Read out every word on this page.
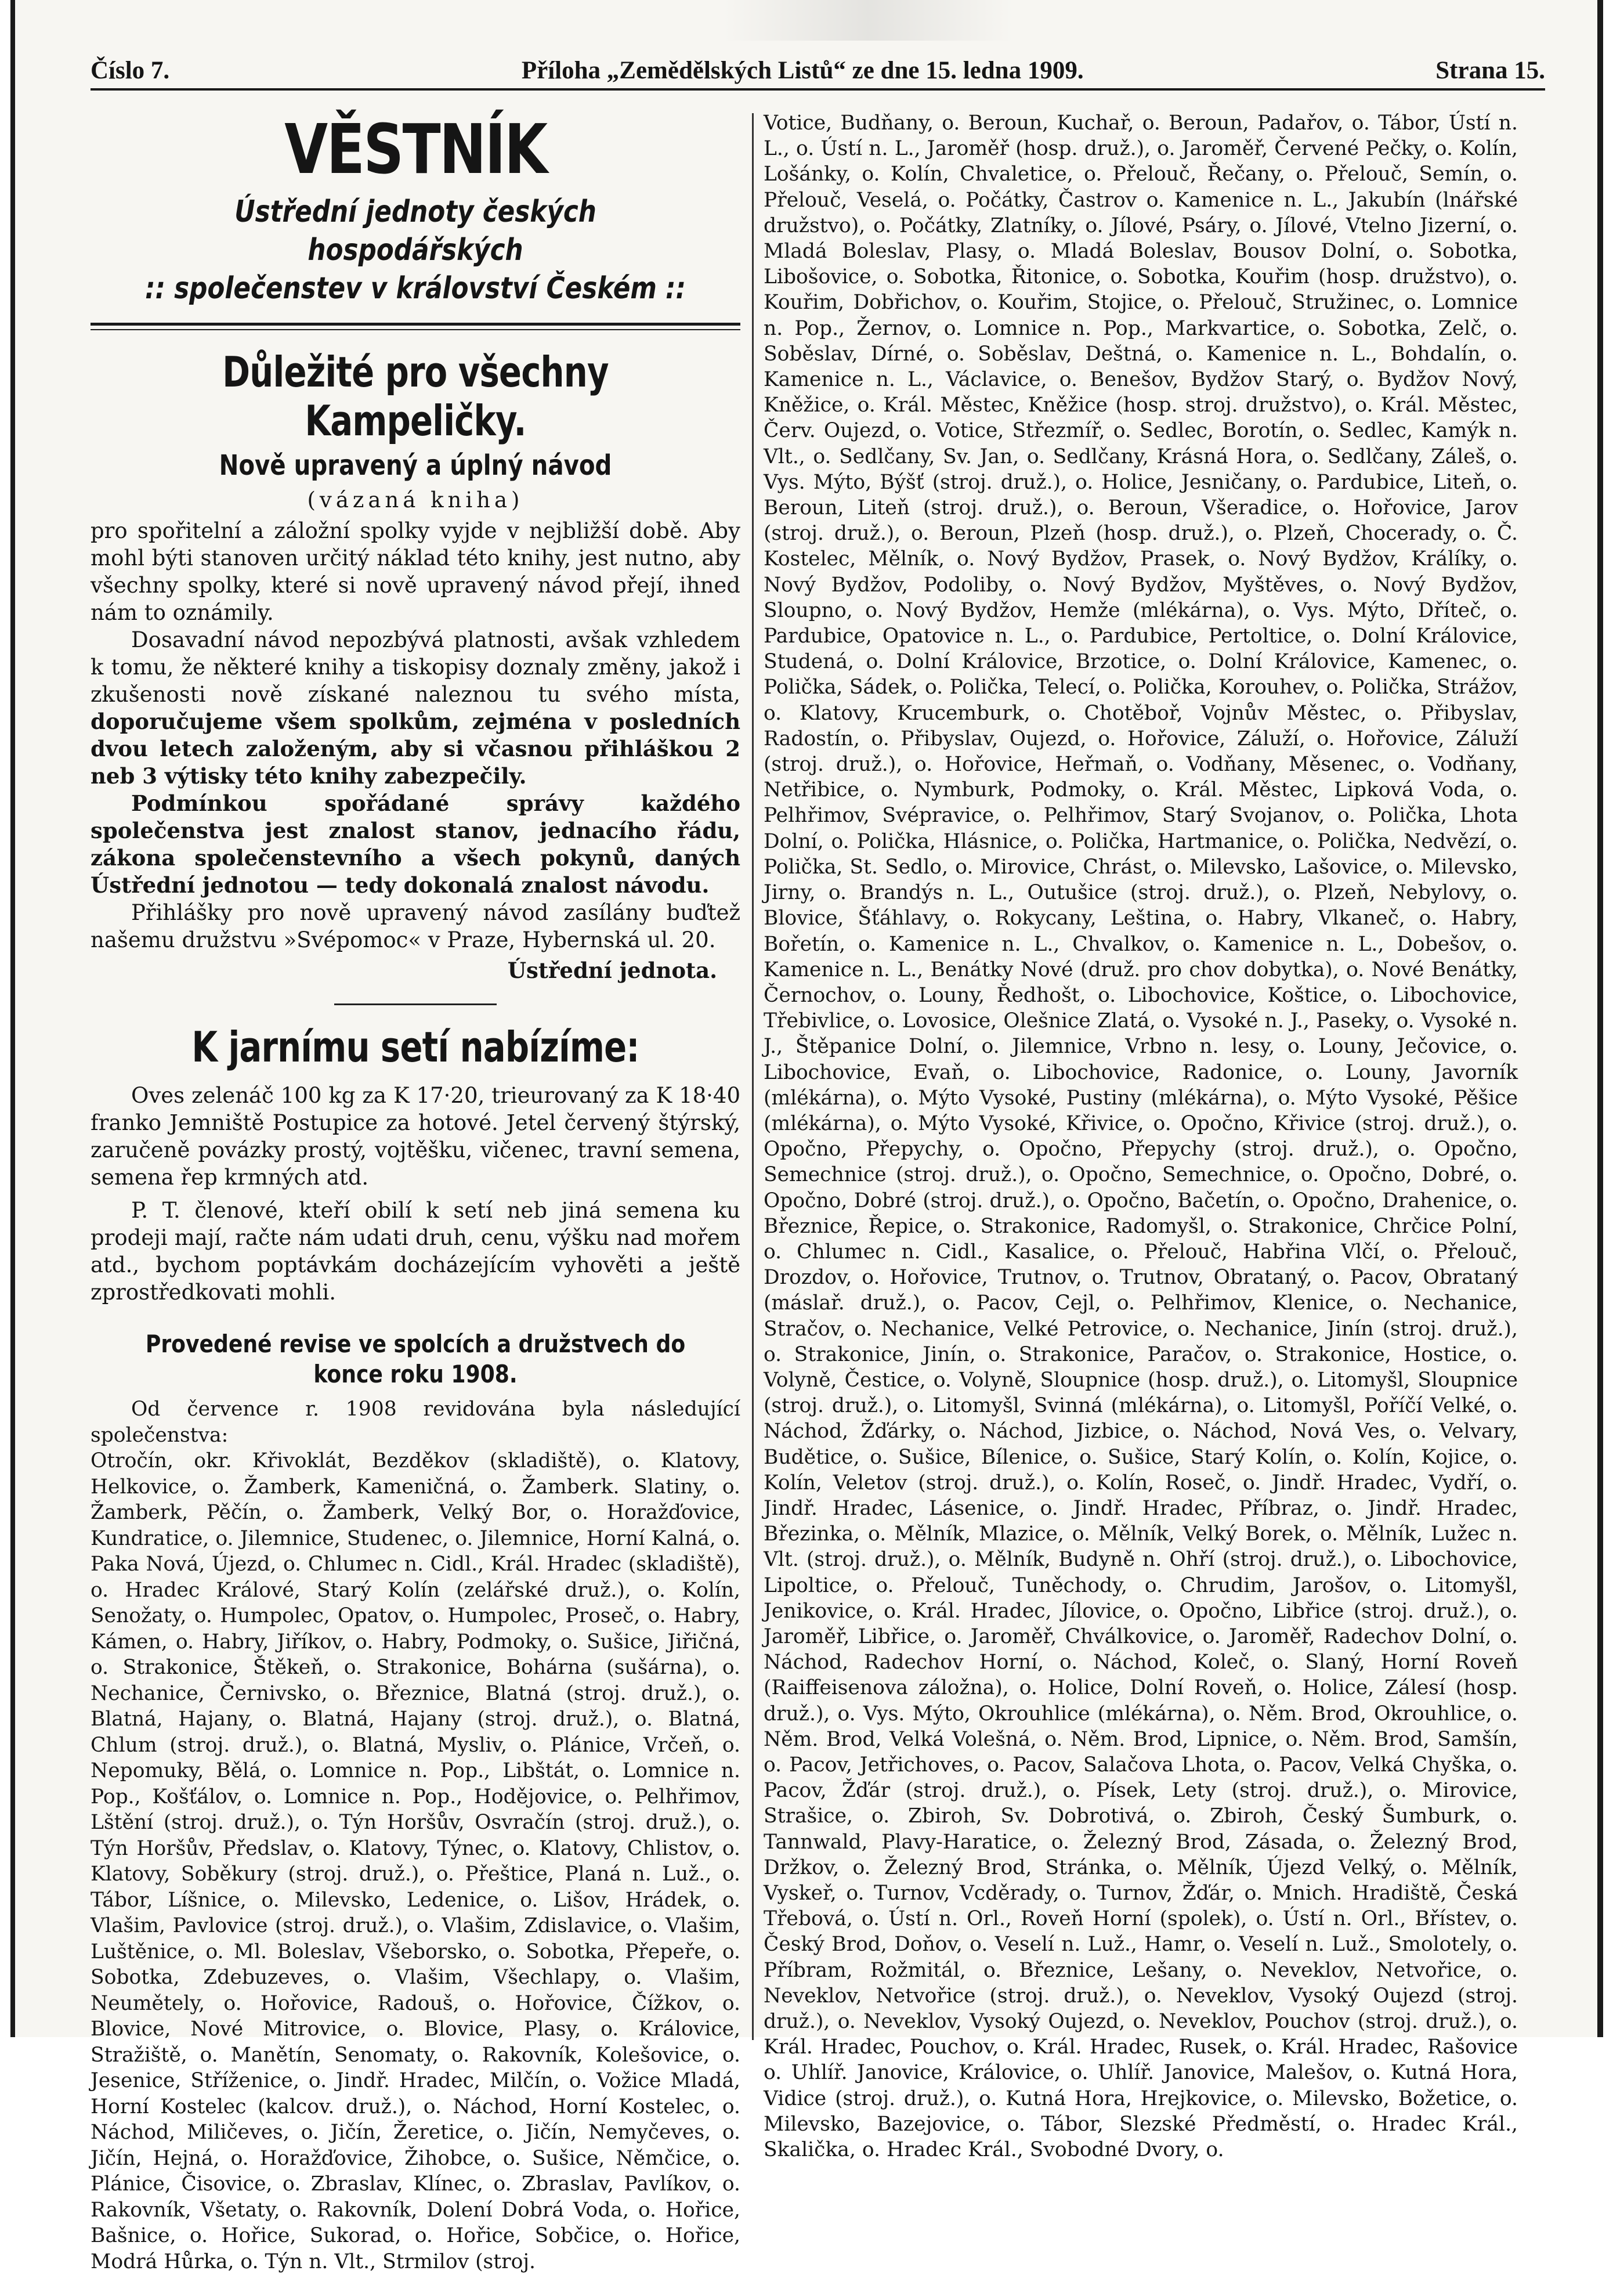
Číslo 7.	Příloha „Zemědělských Listů“ ze dne 15. ledna 1909.	Strana 15.
VĚSTNÍK
Ústřední jednoty českých hospodářských
:: společenstev v království Českém ::
Důležité pro všechny Kampeličky.
Nově upravený a úplný návod
(vázaná kniha)

pro spořitelní a záložní spolky vyjde v nejbližší době. Aby mohl býti stanoven určitý náklad této knihy, jest nutno, aby všechny spolky, které si nově upravený návod přejí, ihned nám to oznámily.

Dosavadní návod nepozbývá platnosti, avšak vzhledem k tomu, že některé knihy a tiskopisy doznaly změny, jakož i zkušenosti nově získané naleznou tu svého místa, doporučujeme všem spolkům, zejména v posledních dvou letech založeným, aby si včasnou přihláškou 2 neb 3 výtisky této knihy zabezpečily.

Podmínkou spořádané správy každého společenstva jest znalost stanov, jednacího řádu, zákona společenstevního a všech pokynů, daných Ústřední jednotou — tedy dokonalá znalost návodu.

Přihlášky pro nově upravený návod zasílány buďtež našemu družstvu »Svépomoc« v Praze, Hybernská ul. 20.

Ústřední jednota.
K jarnímu setí nabízíme:

Oves zelenáč 100 kg za K 17·20, trieurovaný za K 18·40 franko Jemniště Postupice za hotové. Jetel červený štýrský, zaručeně povázky prostý, vojtěšku, vičenec, travní semena, semena řep krmných atd.

P. T. členové, kteří obilí k setí neb jiná semena ku prodeji mají, račte nám udati druh, cenu, výšku nad mořem atd., bychom poptávkám docházejícím vyhověti a ještě zprostředkovati mohli.

Provedené revise ve spolcích a družstvech do konce roku 1908.

Od července r. 1908 revidována byla následující společenstva:

Otročín, okr. Křivoklát, Bezděkov (skladiště), o. Klatovy, Helkovice, o. Žamberk, Kameničná, o. Žamberk. Slatiny, o. Žamberk, Pěčín, o. Žamberk, Velký Bor, o. Horažďovice, Kundratice, o. Jilemnice, Studenec, o. Jilemnice, Horní Kalná, o. Paka Nová, Újezd, o. Chlumec n. Cidl., Král. Hradec (skladiště), o. Hradec Králové, Starý Kolín (zelářské druž.), o. Kolín, Senožaty, o. Humpolec, Opatov, o. Humpolec, Proseč, o. Habry, Kámen, o. Habry, Jiříkov, o. Habry, Podmoky, o. Sušice, Jiřičná, o. Strakonice, Štěkeň, o. Strakonice, Bohárna (sušárna), o. Nechanice, Černivsko, o. Březnice, Blatná (stroj. druž.), o. Blatná, Hajany, o. Blatná, Hajany (stroj. druž.), o. Blatná, Chlum (stroj. druž.), o. Blatná, Mysliv, o. Plánice, Vrčeň, o. Nepomuky, Bělá, o. Lomnice n. Pop., Libštát, o. Lomnice n. Pop., Košťálov, o. Lomnice n. Pop., Hodějovice, o. Pelhřimov, Lštění (stroj. druž.), o. Týn Horšův, Osvračín (stroj. druž.), o. Týn Horšův, Předslav, o. Klatovy, Týnec, o. Klatovy, Chlistov, o. Klatovy, Soběkury (stroj. druž.), o. Přeštice, Planá n. Luž., o. Tábor, Líšnice, o. Milevsko, Ledenice, o. Lišov, Hrádek, o. Vlašim, Pavlovice (stroj. druž.), o. Vlašim, Zdislavice, o. Vlašim, Luštěnice, o. Ml. Boleslav, Všeborsko, o. Sobotka, Přepeře, o. Sobotka, Zdebuzeves, o. Vlašim, Všechlapy, o. Vlašim, Neumětely, o. Hořovice, Radouš, o. Hořovice, Čížkov, o. Blovice, Nové Mitrovice, o. Blovice, Plasy, o. Královice, Stražiště, o. Manětín, Senomaty, o. Rakovník, Kolešovice, o. Jesenice, Stříženice, o. Jindř. Hradec, Milčín, o. Vožice Mladá, Horní Kostelec (kalcov. druž.), o. Náchod, Horní Kostelec, o. Náchod, Miličeves, o. Jičín, Žeretice, o. Jičín, Nemyčeves, o. Jičín, Hejná, o. Horažďovice, Žihobce, o. Sušice, Němčice, o. Plánice, Čisovice, o. Zbraslav, Klínec, o. Zbraslav, Pavlíkov, o. Rakovník, Všetaty, o. Rakovník, Dolení Dobrá Voda, o. Hořice, Bašnice, o. Hořice, Sukorad, o. Hořice, Sobčice, o. Hořice, Modrá Hůrka, o. Týn n. Vlt., Strmilov (stroj.

Votice, Budňany, o. Beroun, Kuchař, o. Beroun, Padařov, o. Tábor, Ústí n. L., o. Ústí n. L., Jaroměř (hosp. druž.), o. Jaroměř, Červené Pečky, o. Kolín, Lošánky, o. Kolín, Chvaletice, o. Přelouč, Řečany, o. Přelouč, Semín, o. Přelouč, Veselá, o. Počátky, Častrov o. Kamenice n. L., Jakubín (lnářské družstvo), o. Počátky, Zlatníky, o. Jílové, Psáry, o. Jílové, Vtelno Jizerní, o. Mladá Boleslav, Plasy, o. Mladá Boleslav, Bousov Dolní, o. Sobotka, Libošovice, o. Sobotka, Řitonice, o. Sobotka, Kouřim (hosp. družstvo), o. Kouřim, Dobřichov, o. Kouřim, Stojice, o. Přelouč, Stružinec, o. Lomnice n. Pop., Žernov, o. Lomnice n. Pop., Markvartice, o. Sobotka, Zelč, o. Soběslav, Dírné, o. Soběslav, Deštná, o. Kamenice n. L., Bohdalín, o. Kamenice n. L., Václavice, o. Benešov, Bydžov Starý, o. Bydžov Nový, Kněžice, o. Král. Městec, Kněžice (hosp. stroj. družstvo), o. Král. Městec, Červ. Oujezd, o. Votice, Střezmíř, o. Sedlec, Borotín, o. Sedlec, Kamýk n. Vlt., o. Sedlčany, Sv. Jan, o. Sedlčany, Krásná Hora, o. Sedlčany, Záleš, o. Vys. Mýto, Býšť (stroj. druž.), o. Holice, Jesničany, o. Pardubice, Liteň, o. Beroun, Liteň (stroj. druž.), o. Beroun, Všeradice, o. Hořovice, Jarov (stroj. druž.), o. Beroun, Plzeň (hosp. druž.), o. Plzeň, Chocerady, o. Č. Kostelec, Mělník, o. Nový Bydžov, Prasek, o. Nový Bydžov, Králíky, o. Nový Bydžov, Podoliby, o. Nový Bydžov, Myštěves, o. Nový Bydžov, Sloupno, o. Nový Bydžov, Hemže (mlékárna), o. Vys. Mýto, Dříteč, o. Pardubice, Opatovice n. L., o. Pardubice, Pertoltice, o. Dolní Královice, Studená, o. Dolní Královice, Brzotice, o. Dolní Královice, Kamenec, o. Polička, Sádek, o. Polička, Telecí, o. Polička, Korouhev, o. Polička, Strážov, o. Klatovy, Krucemburk, o. Chotěboř, Vojnův Městec, o. Přibyslav, Radostín, o. Přibyslav, Oujezd, o. Hořovice, Záluží, o. Hořovice, Záluží (stroj. druž.), o. Hořovice, Heřmaň, o. Vodňany, Měsenec, o. Vodňany, Netřibice, o. Nymburk, Podmoky, o. Král. Městec, Lipková Voda, o. Pelhřimov, Svépravice, o. Pelhřimov, Starý Svojanov, o. Polička, Lhota Dolní, o. Polička, Hlásnice, o. Polička, Hartmanice, o. Polička, Nedvězí, o. Polička, St. Sedlo, o. Mirovice, Chrást, o. Milevsko, Lašovice, o. Milevsko, Jirny, o. Brandýs n. L., Outušice (stroj. druž.), o. Plzeň, Nebylovy, o. Blovice, Šťáhlavy, o. Rokycany, Leština, o. Habry, Vlkaneč, o. Habry, Bořetín, o. Kamenice n. L., Chvalkov, o. Kamenice n. L., Dobešov, o. Kamenice n. L., Benátky Nové (druž. pro chov dobytka), o. Nové Benátky, Černochov, o. Louny, Ředhošt, o. Libochovice, Koštice, o. Libochovice, Třebivlice, o. Lovosice, Olešnice Zlatá, o. Vysoké n. J., Paseky, o. Vysoké n. J., Štěpanice Dolní, o. Jilemnice, Vrbno n. lesy, o. Louny, Ječovice, o. Libochovice, Evaň, o. Libochovice, Radonice, o. Louny, Javorník (mlékárna), o. Mýto Vysoké, Pustiny (mlékárna), o. Mýto Vysoké, Pěšice (mlékárna), o. Mýto Vysoké, Křivice, o. Opočno, Křivice (stroj. druž.), o. Opočno, Přepychy, o. Opočno, Přepychy (stroj. druž.), o. Opočno, Semechnice (stroj. druž.), o. Opočno, Semechnice, o. Opočno, Dobré, o. Opočno, Dobré (stroj. druž.), o. Opočno, Bačetín, o. Opočno, Drahenice, o. Březnice, Řepice, o. Strakonice, Radomyšl, o. Strakonice, Chrčice Polní, o. Chlumec n. Cidl., Kasalice, o. Přelouč, Habřina Vlčí, o. Přelouč, Drozdov, o. Hořovice, Trutnov, o. Trutnov, Obrataný, o. Pacov, Obrataný (máslař. druž.), o. Pacov, Cejl, o. Pelhřimov, Klenice, o. Nechanice, Stračov, o. Nechanice, Velké Petrovice, o. Nechanice, Jinín (stroj. druž.), o. Strakonice, Jinín, o. Strakonice, Paračov, o. Strakonice, Hostice, o. Volyně, Čestice, o. Volyně, Sloupnice (hosp. druž.), o. Litomyšl, Sloupnice (stroj. druž.), o. Litomyšl, Svinná (mlékárna), o. Litomyšl, Poříčí Velké, o. Náchod, Žďárky, o. Náchod, Jizbice, o. Náchod, Nová Ves, o. Velvary, Budětice, o. Sušice, Bílenice, o. Sušice, Starý Kolín, o. Kolín, Kojice, o. Kolín, Veletov (stroj. druž.), o. Kolín, Roseč, o. Jindř. Hradec, Vydří, o. Jindř. Hradec, Lásenice, o. Jindř. Hradec, Příbraz, o. Jindř. Hradec, Březinka, o. Mělník, Mlazice, o. Mělník, Velký Borek, o. Mělník, Lužec n. Vlt. (stroj. druž.), o. Mělník, Budyně n. Ohří (stroj. druž.), o. Libochovice, Lipoltice, o. Přelouč, Tuněchody, o. Chrudim, Jarošov, o. Litomyšl, Jenikovice, o. Král. Hradec, Jílovice, o. Opočno, Libřice (stroj. druž.), o. Jaroměř, Libřice, o. Jaroměř, Chválkovice, o. Jaroměř, Radechov Dolní, o. Náchod, Radechov Horní, o. Náchod, Koleč, o. Slaný, Horní Roveň (Raiffeisenova záložna), o. Holice, Dolní Roveň, o. Holice, Zálesí (hosp. druž.), o. Vys. Mýto, Okrouhlice (mlékárna), o. Něm. Brod, Okrouhlice, o. Něm. Brod, Velká Volešná, o. Něm. Brod, Lipnice, o. Něm. Brod, Samšín, o. Pacov, Jetřichoves, o. Pacov, Salačova Lhota, o. Pacov, Velká Chyška, o. Pacov, Žďár (stroj. druž.), o. Písek, Lety (stroj. druž.), o. Mirovice, Strašice, o. Zbiroh, Sv. Dobrotivá, o. Zbiroh, Český Šumburk, o. Tannwald, Plavy-Haratice, o. Železný Brod, Zásada, o. Železný Brod, Držkov, o. Železný Brod, Stránka, o. Mělník, Újezd Velký, o. Mělník, Vyskeř, o. Turnov, Vcděrady, o. Turnov, Žďár, o. Mnich. Hradiště, Česká Třebová, o. Ústí n. Orl., Roveň Horní (spolek), o. Ústí n. Orl., Břístev, o. Český Brod, Doňov, o. Veselí n. Luž., Hamr, o. Veselí n. Luž., Smolotely, o. Příbram, Rožmitál, o. Březnice, Lešany, o. Neveklov, Netvořice, o. Neveklov, Netvořice (stroj. druž.), o. Neveklov, Vysoký Oujezd (stroj. druž.), o. Neveklov, Vysoký Oujezd, o. Neveklov, Pouchov (stroj. druž.), o. Král. Hradec, Pouchov, o. Král. Hradec, Rusek, o. Král. Hradec, Rašovice o. Uhlíř. Janovice, Královice, o. Uhlíř. Janovice, Malešov, o. Kutná Hora, Vidice (stroj. druž.), o. Kutná Hora, Hrejkovice, o. Milevsko, Božetice, o. Milevsko, Bazejovice, o. Tábor, Slezské Předměstí, o. Hradec Král., Skalička, o. Hradec Král., Svobodné Dvory, o.
